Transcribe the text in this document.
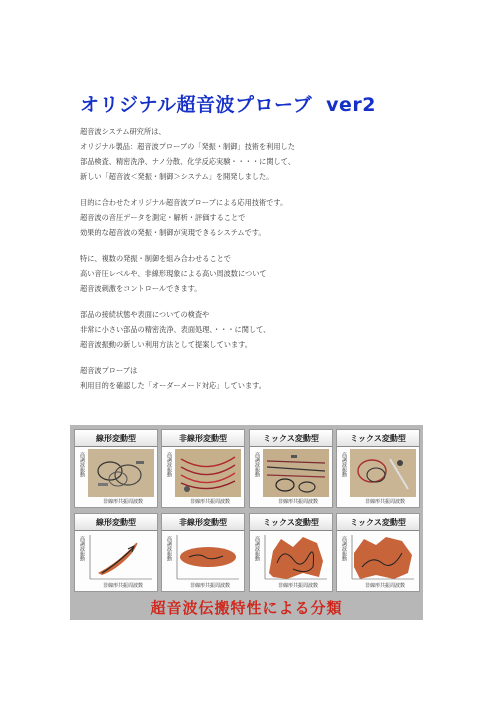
オリジナル超音波プローブ ver2

超音波システム研究所は、
オリジナル製品：超音波プローブの「発振・制御」技術を利用した
部品検査、精密洗浄、ナノ分散、化学反応実験・・・・に関して、
新しい「超音波＜発振・制御＞システム」を開発しました。

目的に合わせたオリジナル超音波プローブによる応用技術です。
超音波の音圧データを測定・解析・評価することで
効果的な超音波の発振・制御が実現できるシステムです。

特に、複数の発振・制御を組み合わせることで
高い音圧レベルや、非線形現象による高い周波数について
超音波刺激をコントロールできます。

部品の接続状態や表面についての検査や
非常に小さい部品の精密洗浄、表面処理、・・・に関して、
超音波振動の新しい利用方法として提案しています。

超音波プローブは
利用目的を確認した「オーダーメード対応」しています。

線形変動型
高調波振動
非線形共振周波数
非線形変動型
高調波振動
非線形共振周波数
ミックス変動型
高調波振動
非線形共振周波数
ミックス変動型
高調波振動
非線形共振周波数
線形変動型
高調波振動
非線形共振周波数
非線形変動型
高調波振動
非線形共振周波数
ミックス変動型
高調波振動
非線形共振周波数
ミックス変動型
高調波振動
非線形共振周波数
超音波伝搬特性による分類
